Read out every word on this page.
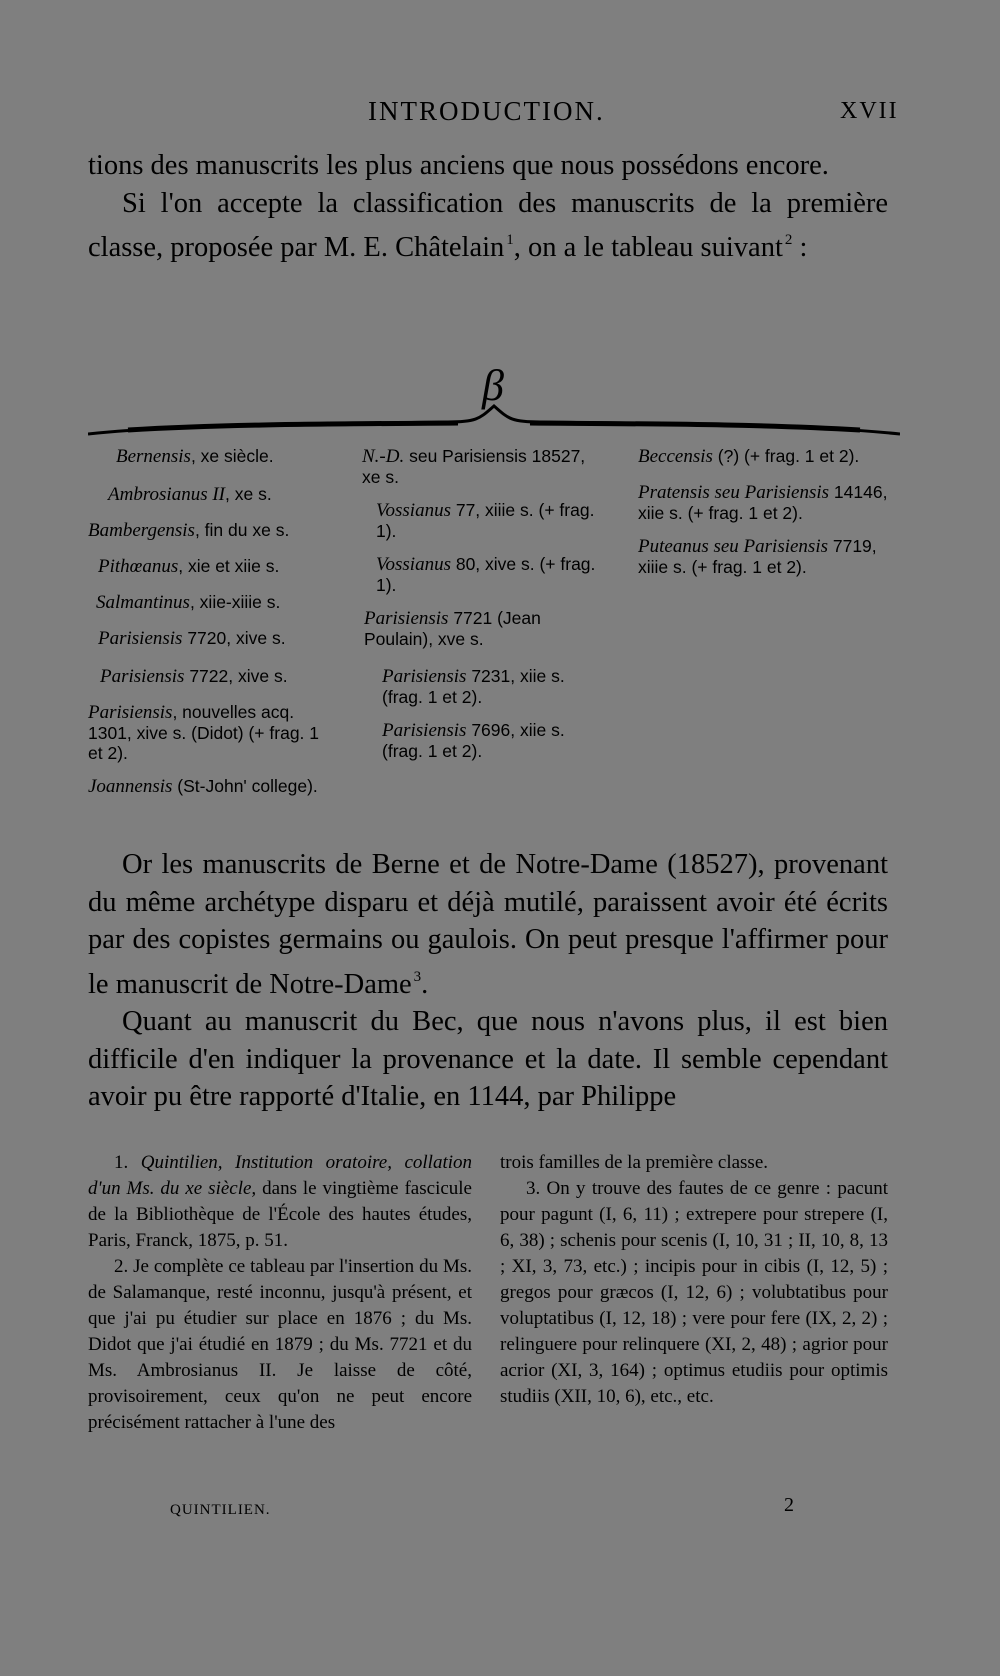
INTRODUCTION.	XVII

tions des manuscrits les plus anciens que nous possédons encore.

Si l'on accepte la classification des manuscrits de la première classe, proposée par M. E. Châtelain $^1$, on a le tableau suivant $^2$ :

β
Bernensis, xe siècle.
Ambrosianus II, xe s.
Bambergensis, fin du xe s.
Pithœanus, xie et xiie s.
Salmantinus, xiie-xiiie s.
Parisiensis 7720, xive s.
Parisiensis 7722, xive s.
Parisiensis, nouvelles acq. 1301, xive s. (Didot) (+ frag. 1 et 2).
Joannensis (St-John' college).
N.-D. seu Parisiensis 18527, xe s.
Vossianus 77, xiiie s. (+ frag. 1).
Vossianus 80, xive s. (+ frag. 1).
Parisiensis 7721 (Jean Poulain), xve s.
Parisiensis 7231, xiie s. (frag. 1 et 2).
Parisiensis 7696, xiie s. (frag. 1 et 2).
Beccensis (?) (+ frag. 1 et 2).
Pratensis seu Parisiensis 14146, xiie s. (+ frag. 1 et 2).
Puteanus seu Parisiensis 7719, xiiie s. (+ frag. 1 et 2).

Or les manuscrits de Berne et de Notre-Dame (18527), provenant du même archétype disparu et déjà mutilé, paraissent avoir été écrits par des copistes germains ou gaulois. On peut presque l'affirmer pour le manuscrit de Notre-Dame $^3$.

Quant au manuscrit du Bec, que nous n'avons plus, il est bien difficile d'en indiquer la provenance et la date. Il semble cependant avoir pu être rapporté d'Italie, en 1144, par Philippe

1. Quintilien, Institution oratoire, collation d'un Ms. du xe siècle, dans le vingtième fascicule de la Bibliothèque de l'École des hautes études, Paris, Franck, 1875, p. 51.

2. Je complète ce tableau par l'insertion du Ms. de Salamanque, resté inconnu, jusqu'à présent, et que j'ai pu étudier sur place en 1876 ; du Ms. Didot que j'ai étudié en 1879 ; du Ms. 7721 et du Ms. Ambrosianus II. Je laisse de côté, provisoirement, ceux qu'on ne peut encore précisément rattacher à l'une des

trois familles de la première classe.

3. On y trouve des fautes de ce genre : pacunt pour pagunt (I, 6, 11) ; extrepere pour strepere (I, 6, 38) ; schenis pour scenis (I, 10, 31 ; II, 10, 8, 13 ; XI, 3, 73, etc.) ; incipis pour in cibis (I, 12, 5) ; gregos pour græcos (I, 12, 6) ; volubtatibus pour voluptatibus (I, 12, 18) ; vere pour fere (IX, 2, 2) ; relinguere pour relinquere (XI, 2, 48) ; agrior pour acrior (XI, 3, 164) ; optimus etudiis pour optimis studiis (XII, 10, 6), etc., etc.

QUINTILIEN.	2
